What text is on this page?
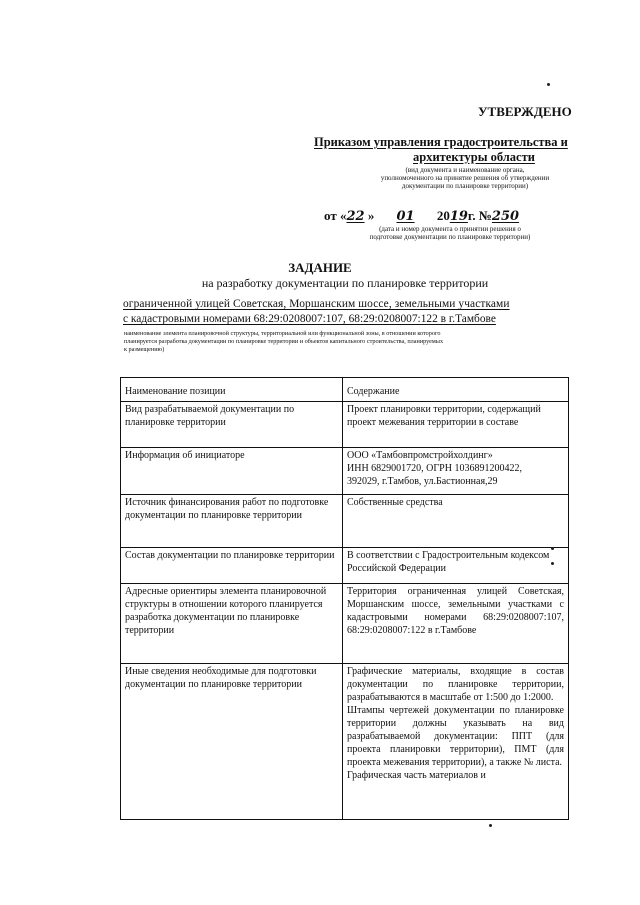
УТВЕРЖДЕНО
Приказом управления градостроительства и
архитектуры области
(вид документа и наименование органа,
уполномоченного на принятие решения об утверждении
документации по планировке территории)
от «22 » 01 2019г. №250
(дата и номер документа о принятии решения о
подготовке документации по планировке территории)
ЗАДАНИЕ
на разработку документации по планировке территории
ограниченной улицей Советская, Моршанским шоссе, земельными участками
с кадастровыми номерами 68:29:0208007:107, 68:29:0208007:122 в г.Тамбове
наименование элемента планировочной структуры, территориальной или функциональной зоны, в отношении которого
планируется разработка документации по планировке территории и объектов капитального строительства, планируемых
к размещению)
Наименование позиции	Содержание
Вид разрабатываемой документации по планировке территории	Проект планировки территории, содержащий проект межевания территории в составе
Информация об инициаторе	ООО «Тамбовпромстройхолдинг»
ИНН 6829001720, ОГРН 1036891200422,
392029, г.Тамбов, ул.Бастионная,29

Источник финансирования работ по подготовке документации по планировке территории	Собственные средства
Состав документации по планировке территории	В соответствии с Градостроительным кодексом Российской Федерации
Адресные ориентиры элемента планировочной структуры в отношении которого планируется разработка документации по планировке территории	Территория ограниченная улицей Советская, Моршанским шоссе, земельными участками с кадастровыми номерами 68:29:0208007:107, 68:29:0208007:122 в г.Тамбове
Иные сведения необходимые для подготовки документации по планировке территории	Графические материалы, входящие в состав документации по планировке территории, разрабатываются в масштабе от 1:500 до 1:2000.
Штампы чертежей документации по планировке территории должны указывать на вид разрабатываемой документации: ППТ (для проекта планировки территории), ПМТ (для проекта межевания территории), а также № листа.
Графическая часть материалов и
